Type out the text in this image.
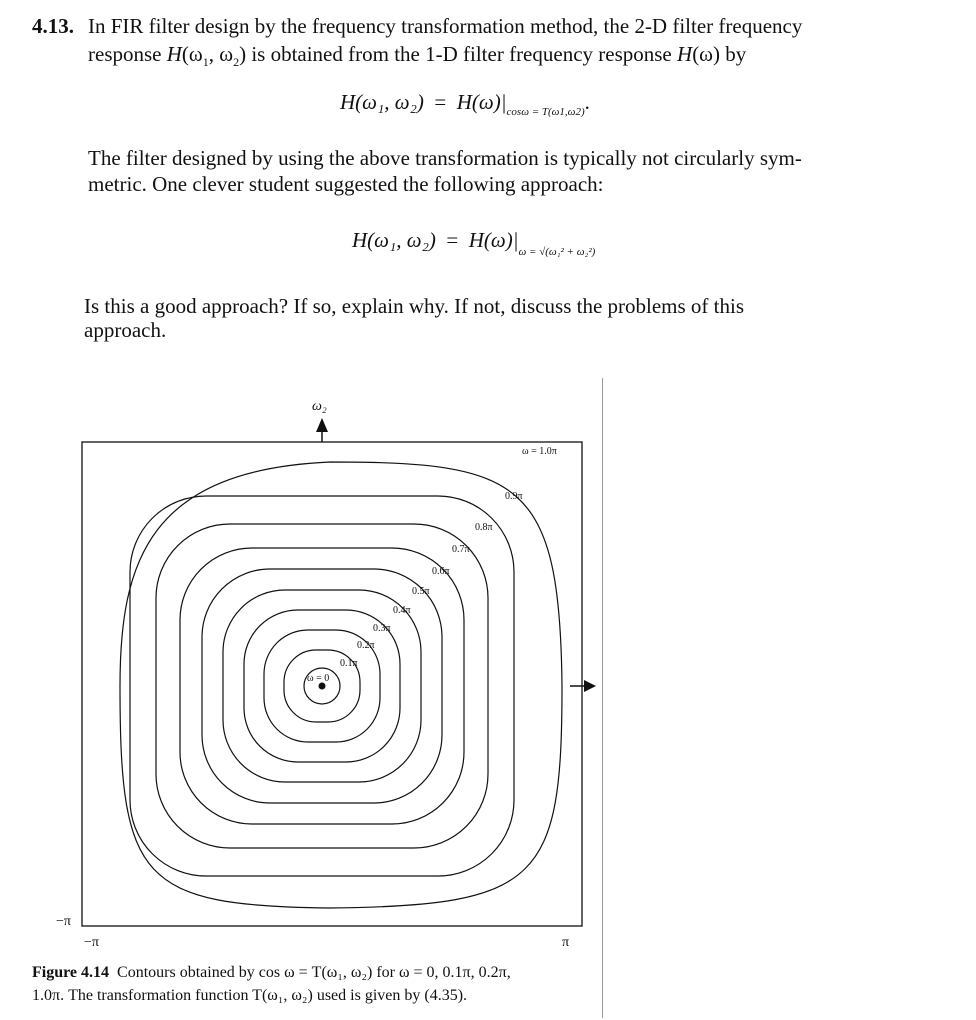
4.13. In FIR filter design by the frequency transformation method, the 2-D filter frequency
response $H(\omega_1$, $\omega_2$) is obtained from the 1-D filter frequency response H(ω) by
H(ω₁, $\omega_2) = H(\omega)|_{cos\omega = T(\omega 1,\omega 2)}$.
The filter designed by using the above transformation is typically not circularly sym-
metric. One clever student suggested the following approach:
H(ω₁, $\omega_2) = H(\omega)|_{\omega = √(\omega_1^2 + \omega_2^2)}$
Is this a good approach? If so, explain why. If not, discuss the problems of this
approach.
ω₂
ω = 0
0.1π
0.2π
0.3π
0.4π
0.5π
0.6π
0.7π
0.8π
0.9π
ω = 1.0π
−π
−π	π
Figure 4.14 Contours obtained by cos ω = T(ω₁, ω₂) for ω = 0, 0.1π, 0.2π,
1.0π. The transformation function T(ω₁, ω₂) used is given by (4.35).
